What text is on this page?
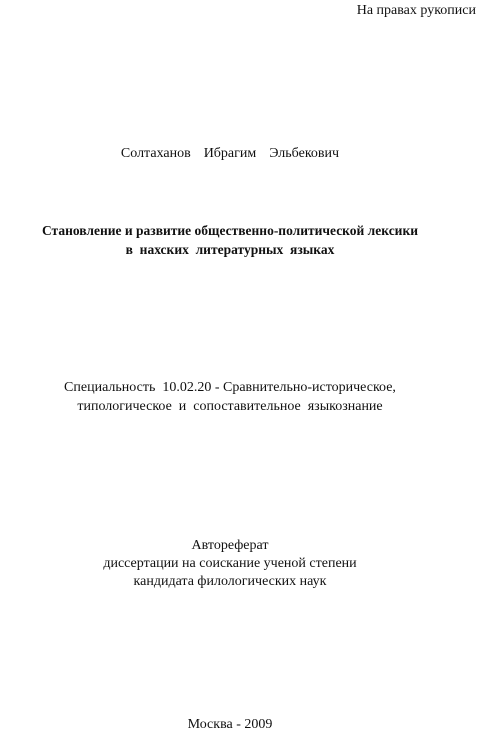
На правах рукописи
Солтаханов  Ибрагим  Эльбекович
Становление и развитие общественно-политической лексики
в  нахских  литературных  языках
Специальность  10.02.20 - Сравнительно-историческое,
типологическое  и  сопоставительное  языкознание
Автореферат
диссертации на соискание ученой степени
кандидата филологических наук
Москва - 2009
